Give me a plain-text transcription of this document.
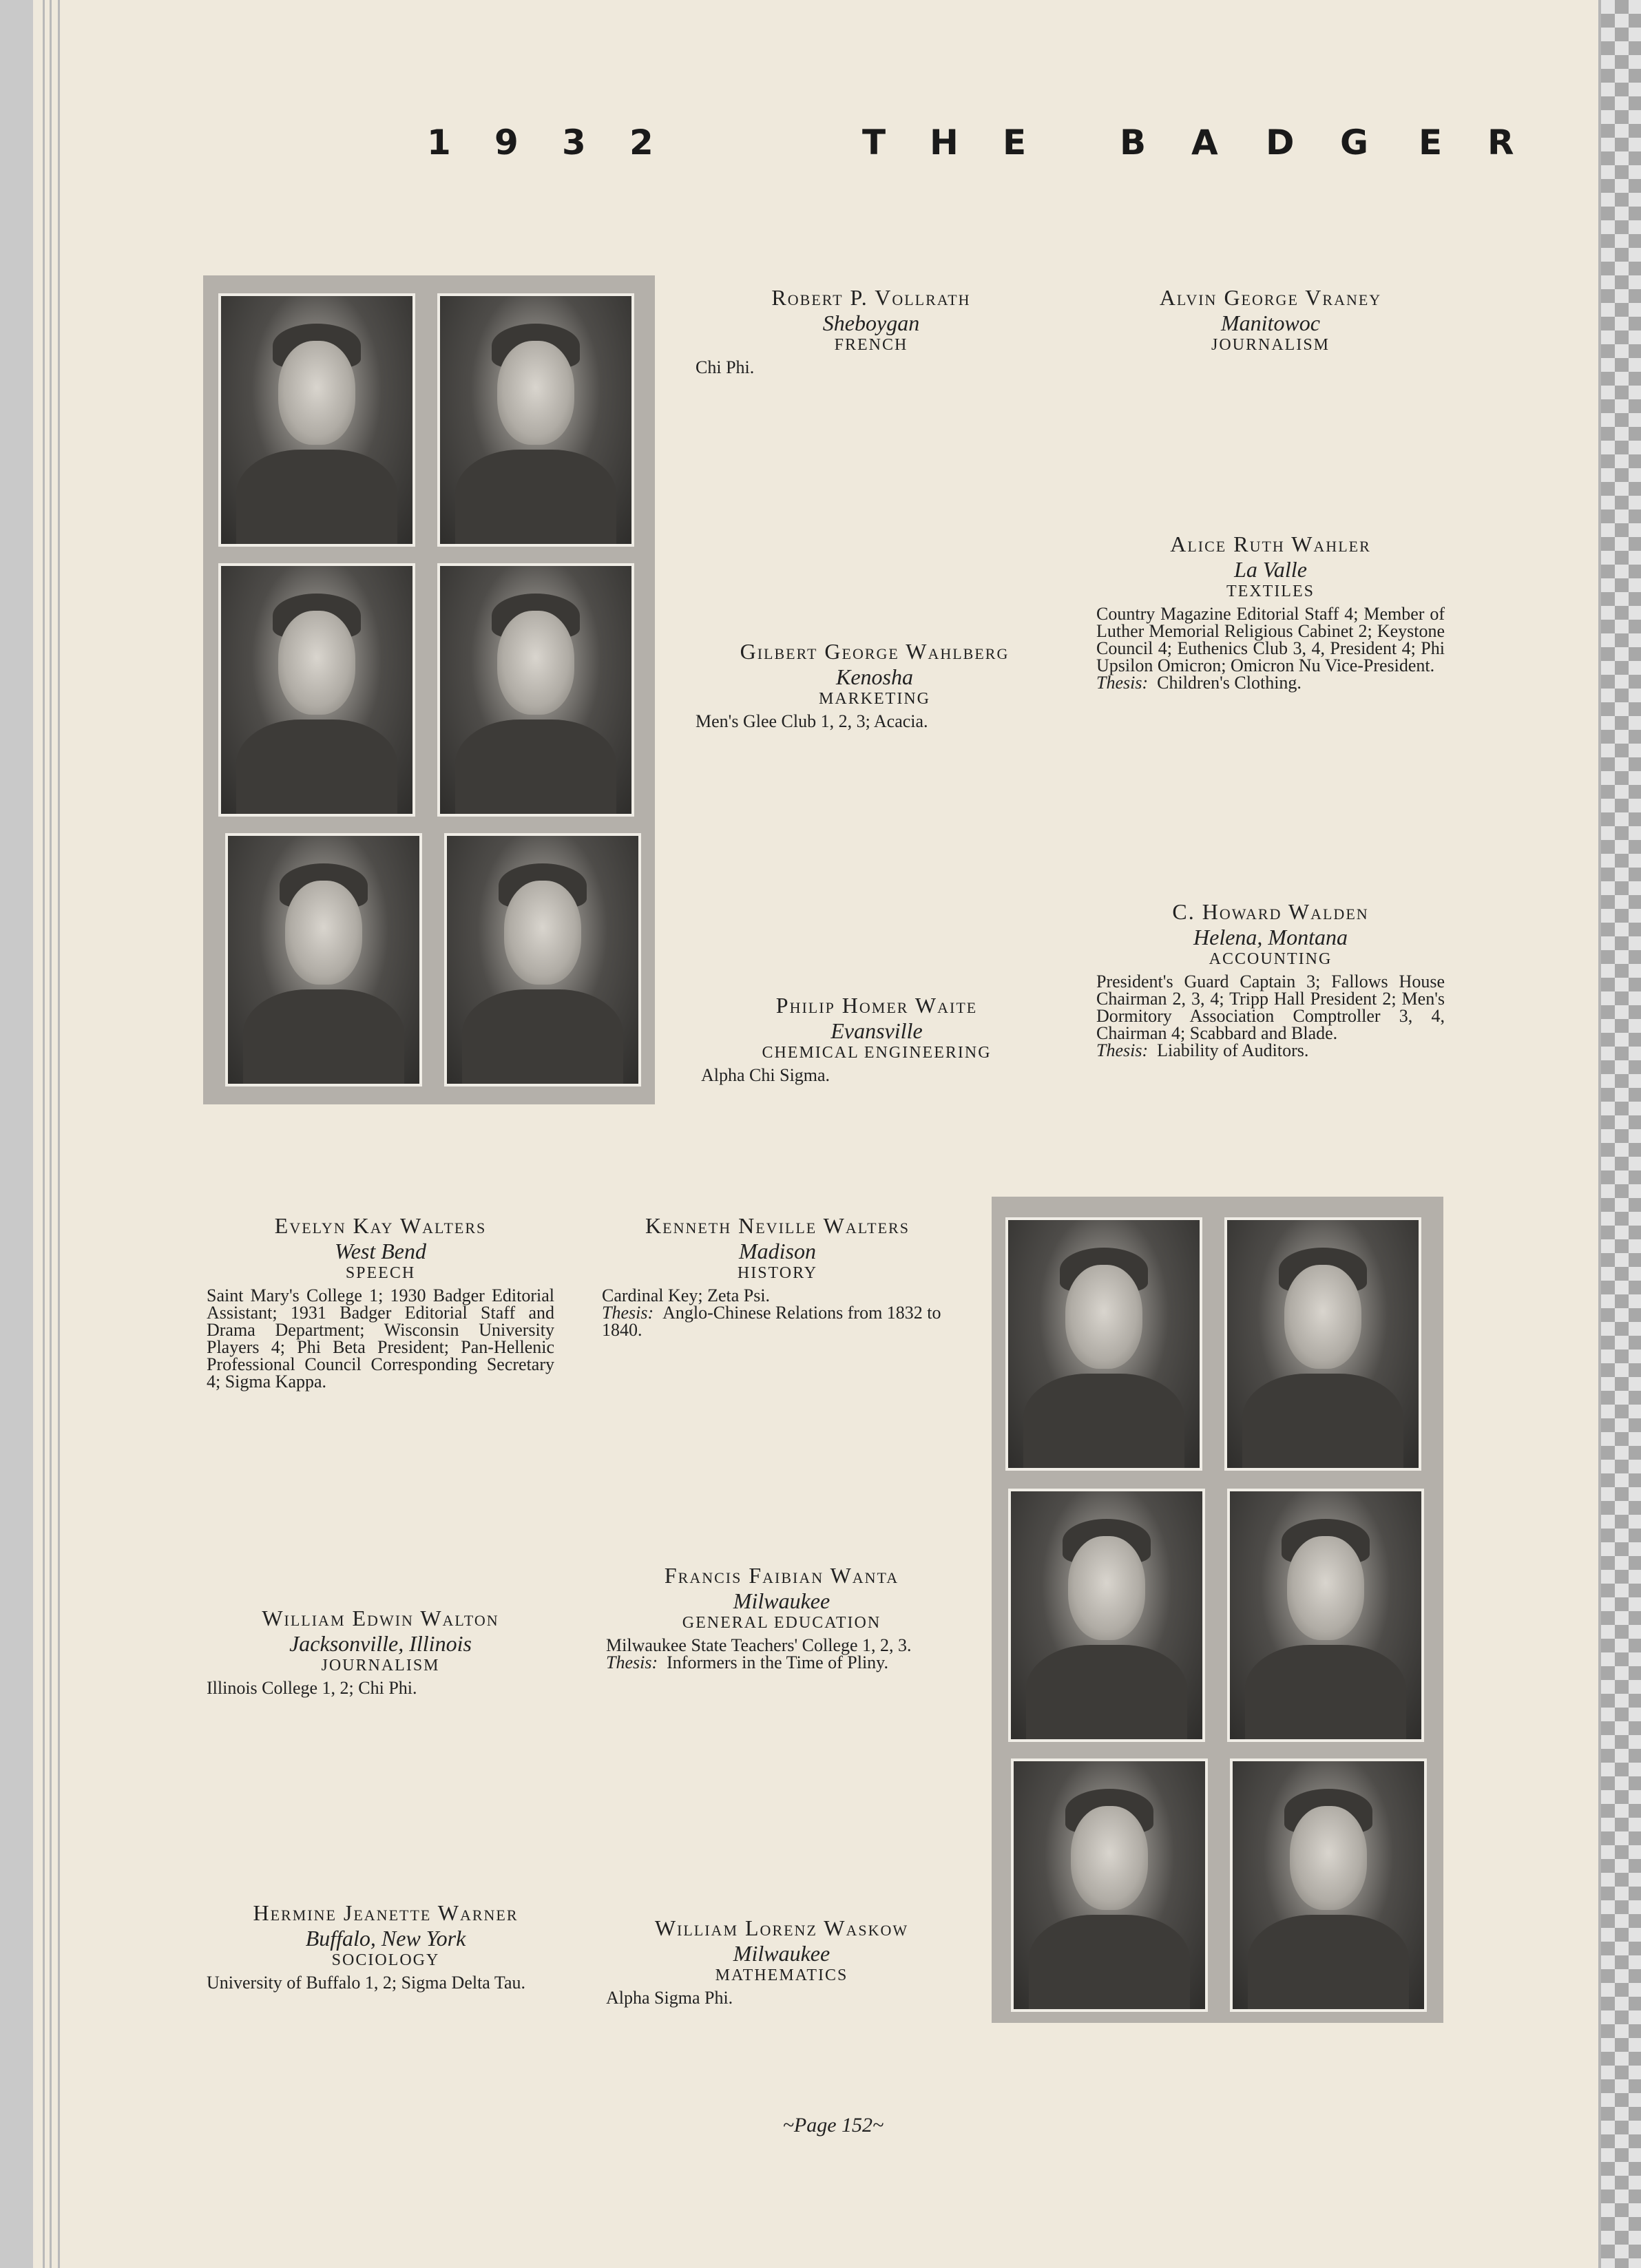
1 9 3 2	T H E	B A D G E R
Robert P. Vollrath
Sheboygan
FRENCH
Chi Phi.
Alvin George Vraney
Manitowoc
JOURNALISM
Alice Ruth Wahler
La Valle
TEXTILES
Country Magazine Editorial Staff 4; Member of Luther Memorial Religious Cabinet 2; Keystone Council 4; Euthenics Club 3, 4, President 4; Phi Upsilon Omicron; Omicron Nu Vice-President.
Thesis: Children's Clothing.
Gilbert George Wahlberg
Kenosha
MARKETING
Men's Glee Club 1, 2, 3; Acacia.
C. Howard Walden
Helena, Montana
ACCOUNTING
President's Guard Captain 3; Fallows House Chairman 2, 3, 4; Tripp Hall President 2; Men's Dormitory Association Comptroller 3, 4, Chairman 4; Scabbard and Blade.
Thesis: Liability of Auditors.
Philip Homer Waite
Evansville
CHEMICAL ENGINEERING
Alpha Chi Sigma.
Evelyn Kay Walters
West Bend
SPEECH
Saint Mary's College 1; 1930 Badger Editorial Assistant; 1931 Badger Editorial Staff and Drama Department; Wisconsin University Players 4; Phi Beta President; Pan-Hellenic Professional Council Corresponding Secretary 4; Sigma Kappa.
Kenneth Neville Walters
Madison
HISTORY
Cardinal Key; Zeta Psi.
Thesis: Anglo-Chinese Relations from 1832 to 1840.
William Edwin Walton
Jacksonville, Illinois
JOURNALISM
Illinois College 1, 2; Chi Phi.
Francis Faibian Wanta
Milwaukee
GENERAL EDUCATION
Milwaukee State Teachers' College 1, 2, 3.
Thesis: Informers in the Time of Pliny.
Hermine Jeanette Warner
Buffalo, New York
SOCIOLOGY
University of Buffalo 1, 2; Sigma Delta Tau.
William Lorenz Waskow
Milwaukee
MATHEMATICS
Alpha Sigma Phi.
~Page 152~
